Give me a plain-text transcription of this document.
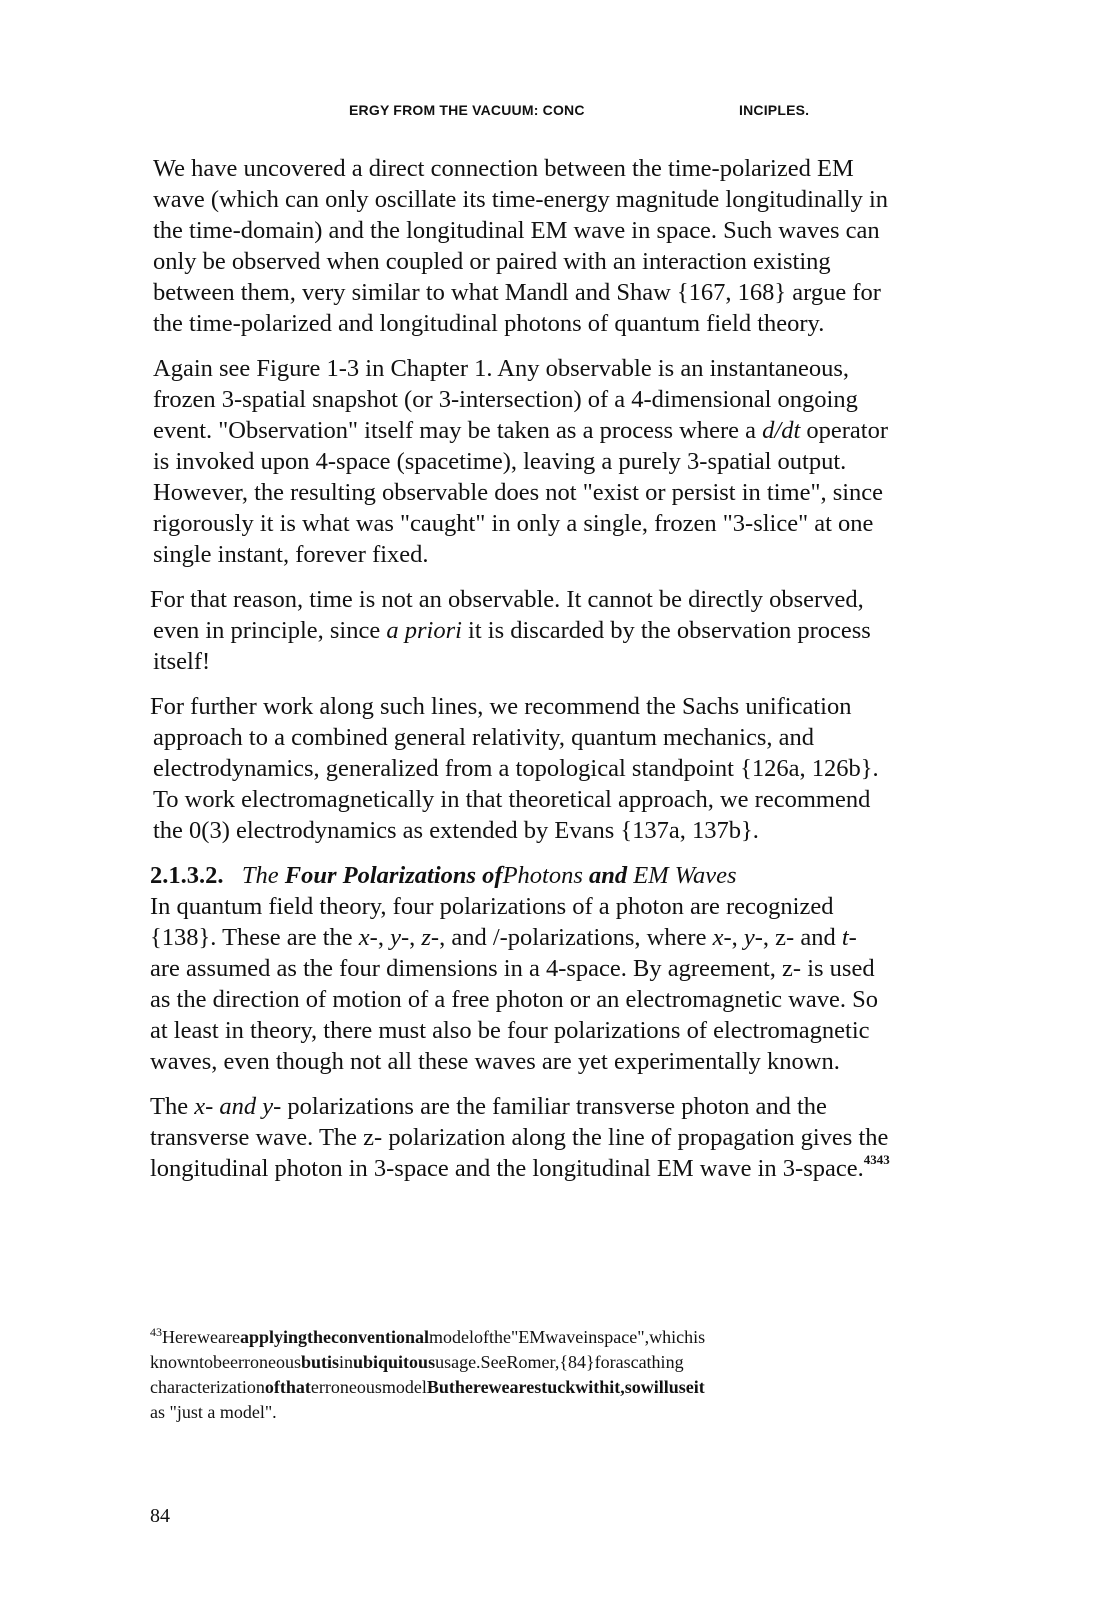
ERGY FROM THE VACUUM: CONC	INCIPLES.

We have uncovered a direct connection between the time-polarized EM
wave (which can only oscillate its time-energy magnitude longitudinally in
the time-domain) and the longitudinal EM wave in space. Such waves can
only be observed when coupled or paired with an interaction existing
between them, very similar to what Mandl and Shaw {167, 168} argue for
the time-polarized and longitudinal photons of quantum field theory.

Again see Figure 1-3 in Chapter 1. Any observable is an instantaneous,
frozen 3-spatial snapshot (or 3-intersection) of a 4-dimensional ongoing
event. "Observation" itself may be taken as a process where a d/dt operator
is invoked upon 4-space (spacetime), leaving a purely 3-spatial output.
However, the resulting observable does not "exist or persist in time", since
rigorously it is what was "caught" in only a single, frozen "3-slice" at one
single instant, forever fixed.

For that reason, time is not an observable. It cannot be directly observed,
even in principle, since a priori it is discarded by the observation process
itself!

For further work along such lines, we recommend the Sachs unification
approach to a combined general relativity, quantum mechanics, and
electrodynamics, generalized from a topological standpoint {126a, 126b}.
To work electromagnetically in that theoretical approach, we recommend
the 0(3) electrodynamics as extended by Evans {137a, 137b}.

2.1.3.2. The Four Polarizations ofPhotons and EM Waves

In quantum field theory, four polarizations of a photon are recognized
{138}. These are the x-, y-, z-, and /-polarizations, where x-, y-, z- and t-
are assumed as the four dimensions in a 4-space. By agreement, z- is used
as the direction of motion of a free photon or an electromagnetic wave. So
at least in theory, there must also be four polarizations of electromagnetic
waves, even though not all these waves are yet experimentally known.

The x- and y- polarizations are the familiar transverse photon and the
transverse wave. The z- polarization along the line of propagation gives the
longitudinal photon in 3-space and the longitudinal EM wave in 3-space.$^{4343}$

$^{43}$Hereweareapplyingtheconventionalmodelofthe"EMwaveinspace",whichis
knowntobeerroneousbutisinubiquitoususage.SeeRomer,{84}forascathing
characterizationofthaterroneousmodelButherewearestuckwithit,sowilluseit
as "just a model".
84
